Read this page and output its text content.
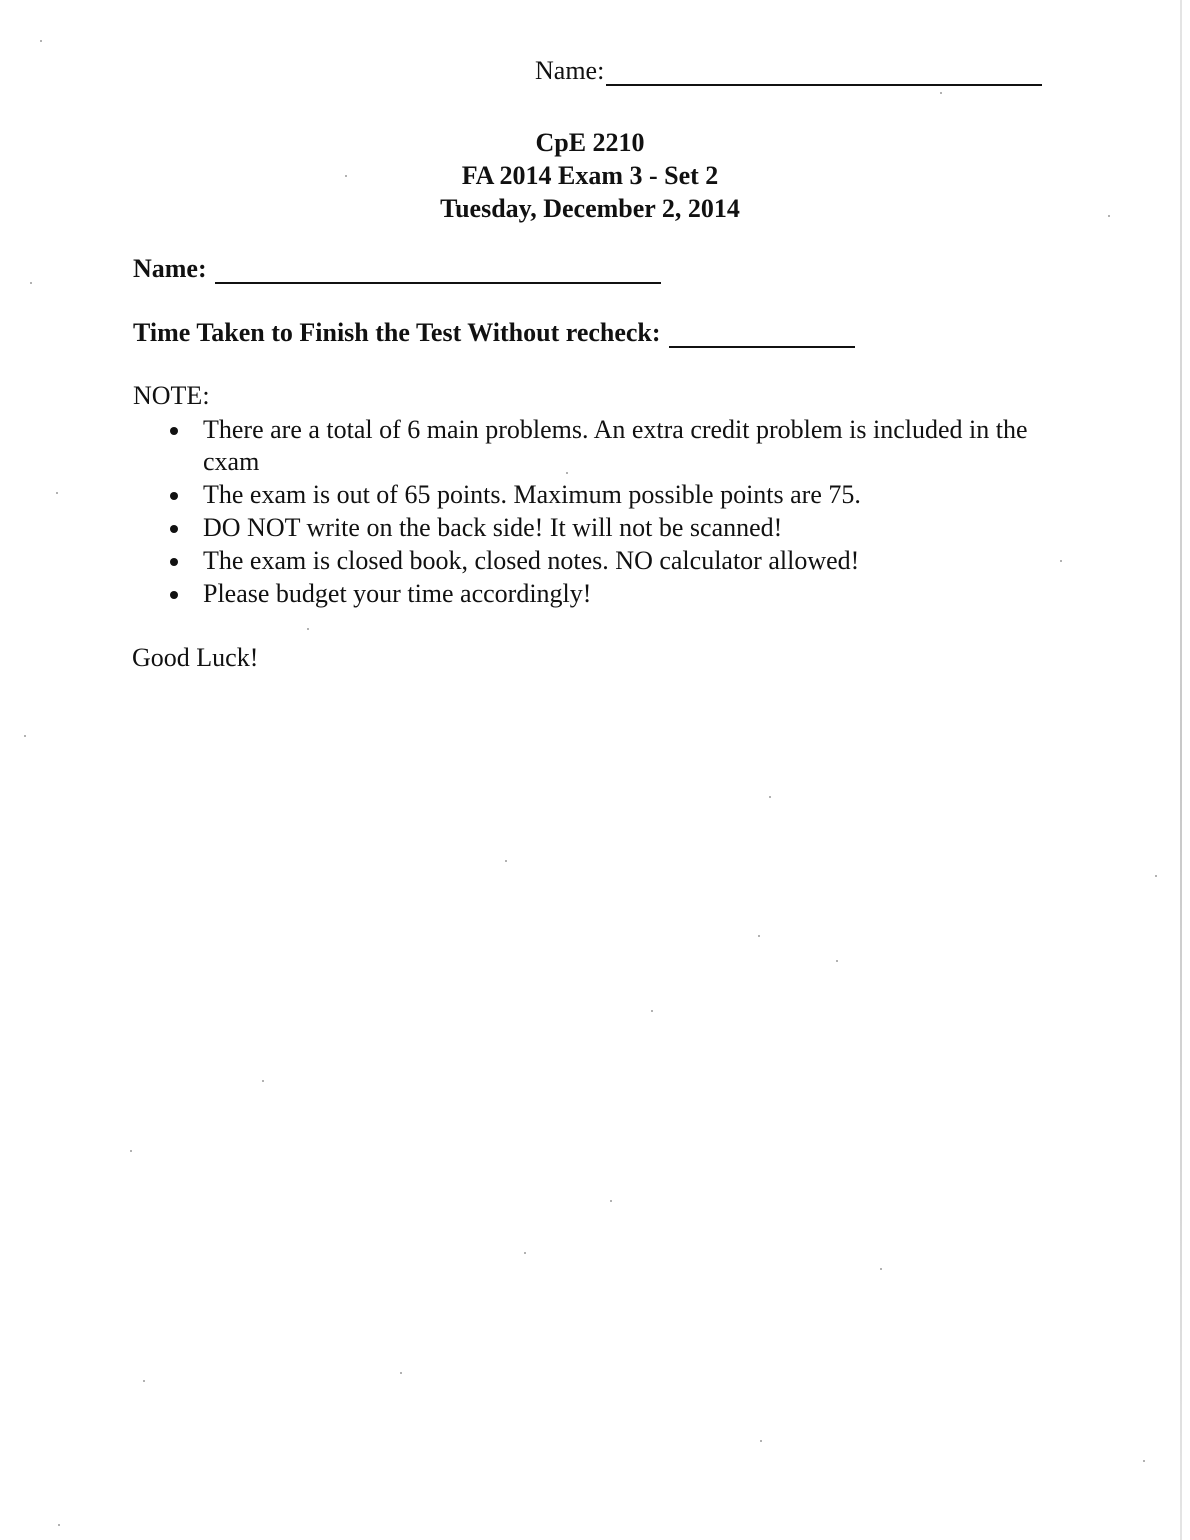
Name:
CpE 2210
FA 2014 Exam 3 - Set 2
Tuesday, December 2, 2014
Name:
Time Taken to Finish the Test Without recheck:
NOTE:
There are a total of 6 main problems. An extra credit problem is included in the cxam
The exam is out of 65 points. Maximum possible points are 75.
DO NOT write on the back side! It will not be scanned!
The exam is closed book, closed notes. NO calculator allowed!
Please budget your time accordingly!
Good Luck!
